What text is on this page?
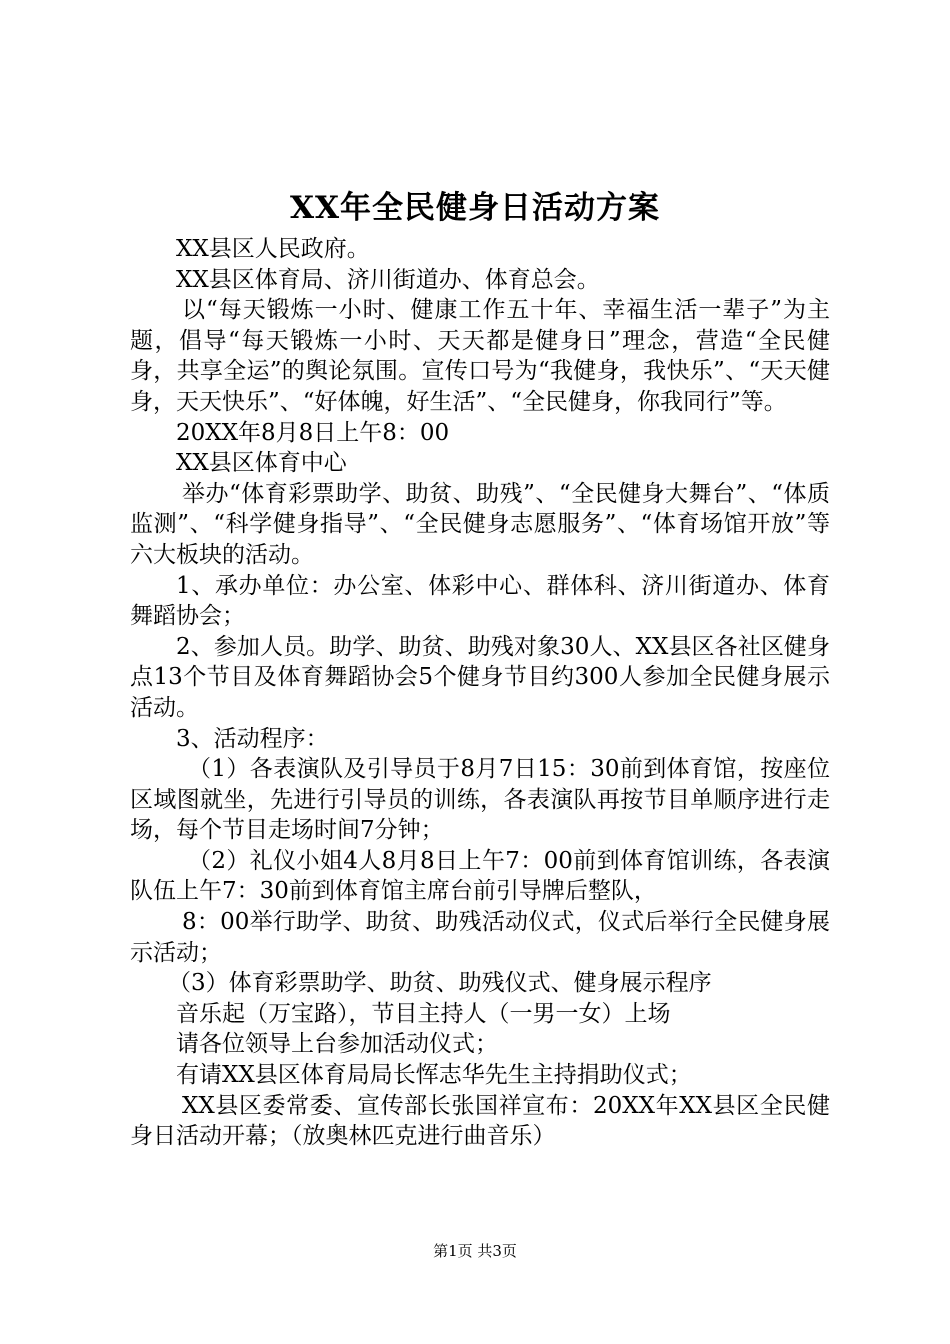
XX年全民健身日活动方案

XX县区人民政府。

XX县区体育局、济川街道办、体育总会。

以“每天锻炼一小时、健康工作五十年、幸福生活一辈子”为主题，倡导“每天锻炼一小时、天天都是健身日”理念，营造“全民健身，共享全运”的舆论氛围。宣传口号为“我健身，我快乐”、“天天健身，天天快乐”、“好体魄，好生活”、“全民健身，你我同行”等。

20XX年8月8日上午8：00

XX县区体育中心

举办“体育彩票助学、助贫、助残”、“全民健身大舞台”、“体质监测”、“科学健身指导”、“全民健身志愿服务”、“体育场馆开放”等六大板块的活动。

1、承办单位：办公室、体彩中心、群体科、济川街道办、体育舞蹈协会；

2、参加人员。助学、助贫、助残对象30人、XX县区各社区健身点13个节目及体育舞蹈协会5个健身节目约300人参加全民健身展示活动。

3、活动程序：

（1）各表演队及引导员于8月7日15：30前到体育馆，按座位区域图就坐，先进行引导员的训练，各表演队再按节目单顺序进行走场，每个节目走场时间7分钟；

（2）礼仪小姐4人8月8日上午7：00前到体育馆训练，各表演队伍上午7：30前到体育馆主席台前引导牌后整队，

8：00举行助学、助贫、助残活动仪式，仪式后举行全民健身展示活动；

（3）体育彩票助学、助贫、助残仪式、健身展示程序

音乐起（万宝路），节目主持人（一男一女）上场

请各位领导上台参加活动仪式；

有请XX县区体育局局长恽志华先生主持捐助仪式；

XX县区委常委、宣传部长张国祥宣布：20XX年XX县区全民健身日活动开幕；（放奥林匹克进行曲音乐）

第1页 共3页
